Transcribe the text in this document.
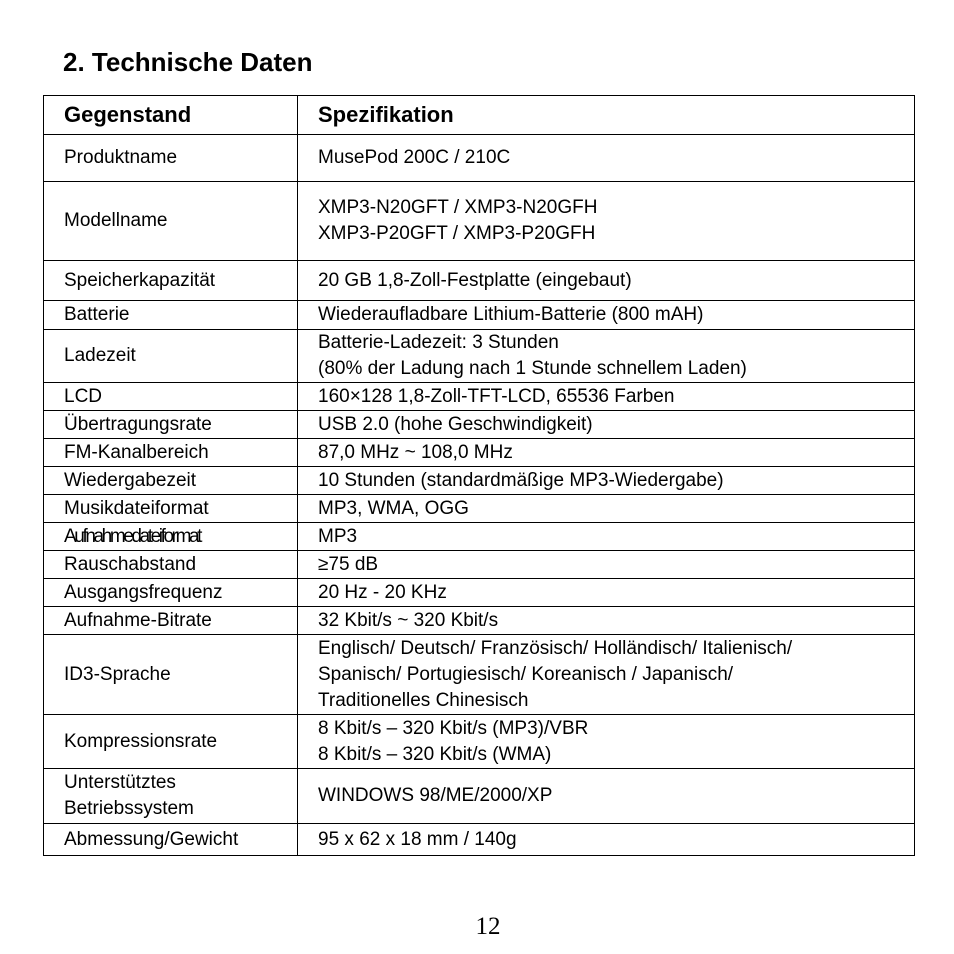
2. Technische Daten
Gegenstand	Spezifikation

Produktname	MusePod 200C / 210C

Modellname	XMP3-N20GFT / XMP3-N20GFH
XMP3-P20GFT / XMP3-P20GFH

Speicherkapazität	20 GB 1,8-Zoll-Festplatte (eingebaut)

Batterie	Wiederaufladbare Lithium-Batterie (800 mAH)

Ladezeit	Batterie-Ladezeit: 3 Stunden
(80% der Ladung nach 1 Stunde schnellem Laden)

LCD	160×128 1,8-Zoll-TFT-LCD, 65536 Farben

Übertragungsrate	USB 2.0 (hohe Geschwindigkeit)

FM-Kanalbereich	87,0 MHz ~ 108,0 MHz

Wiedergabezeit	10 Stunden (standardmäßige MP3-Wiedergabe)

Musikdateiformat	MP3, WMA, OGG

Aufnahmedateiformat	MP3

Rauschabstand	≥75 dB

Ausgangsfrequenz	20 Hz - 20 KHz

Aufnahme-Bitrate	32 Kbit/s ~ 320 Kbit/s

ID3-Sprache	Englisch/ Deutsch/ Französisch/ Holländisch/ Italienisch/
Spanisch/ Portugiesisch/ Koreanisch / Japanisch/
Traditionelles Chinesisch

Kompressionsrate	8 Kbit/s – 320 Kbit/s (MP3)/VBR
8 Kbit/s – 320 Kbit/s (WMA)

Unterstütztes
Betriebssystem	WINDOWS 98/ME/2000/XP

Abmessung/Gewicht	95 x 62 x 18 mm / 140g
12
